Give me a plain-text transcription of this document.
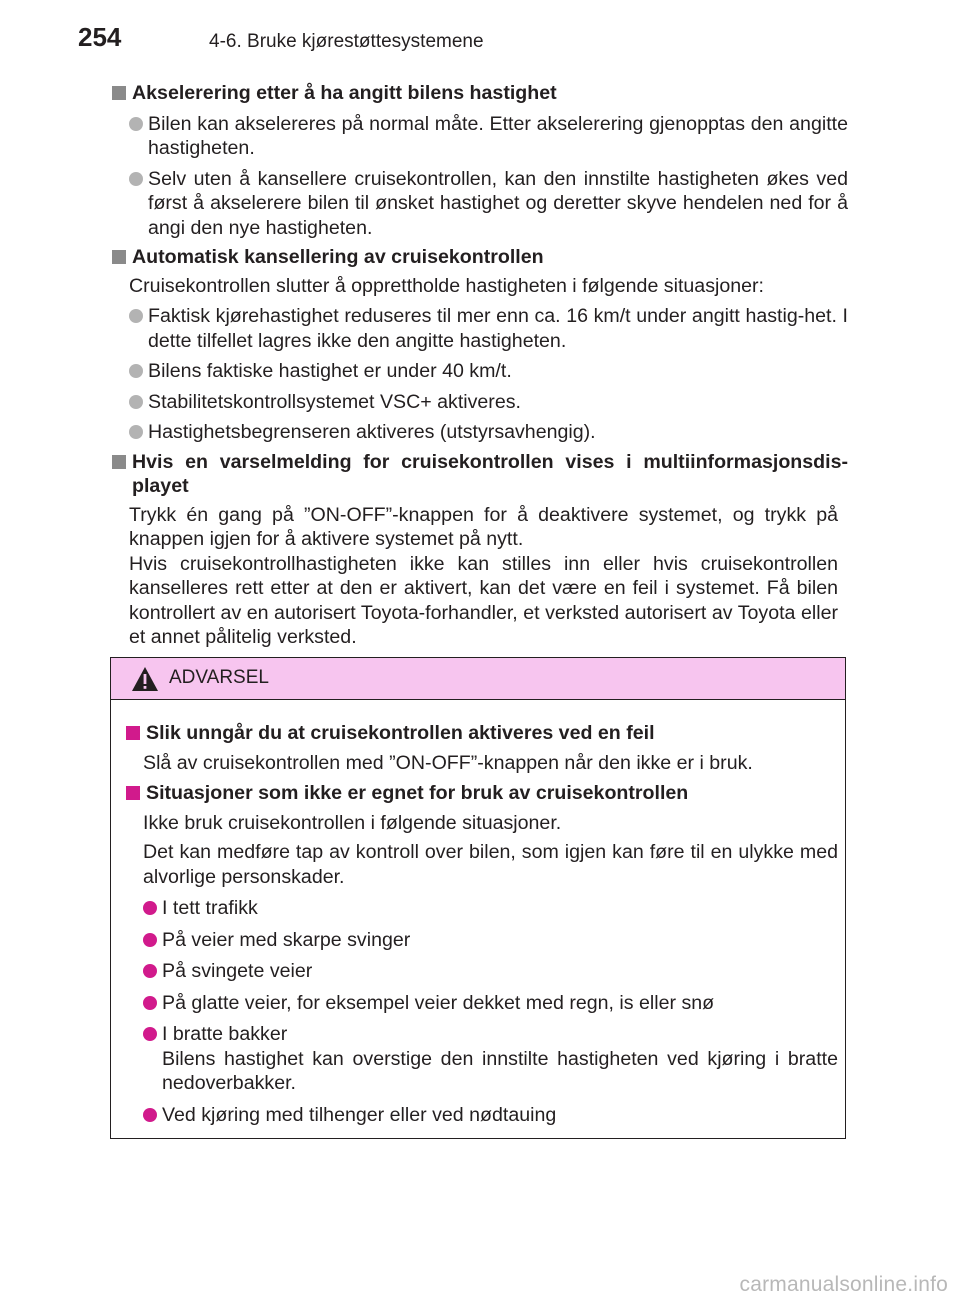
254	4-6. Bruke kjørestøttesystemene
Akselerering etter å ha angitt bilens hastighet
Bilen kan akselereres på normal måte. Etter akselerering gjenopptas den angitte hastigheten.
Selv uten å kansellere cruisekontrollen, kan den innstilte hastigheten økes ved først å akselerere bilen til ønsket hastighet og deretter skyve hendelen ned for å angi den nye hastigheten.
Automatisk kansellering av cruisekontrollen
Cruisekontrollen slutter å opprettholde hastigheten i følgende situasjoner:
Faktisk kjørehastighet reduseres til mer enn ca. 16 km/t under angitt hastig-het. I dette tilfellet lagres ikke den angitte hastigheten.
Bilens faktiske hastighet er under 40 km/t.
Stabilitetskontrollsystemet VSC+ aktiveres.
Hastighetsbegrenseren aktiveres (utstyrsavhengig).
Hvis en varselmelding for cruisekontrollen vises i multiinformasjonsdis-playet
Trykk én gang på ”ON-OFF”-knappen for å deaktivere systemet, og trykk på knappen igjen for å aktivere systemet på nytt.
Hvis cruisekontrollhastigheten ikke kan stilles inn eller hvis cruisekontrollen kanselleres rett etter at den er aktivert, kan det være en feil i systemet. Få bilen kontrollert av en autorisert Toyota-forhandler, et verksted autorisert av Toyota eller et annet pålitelig verksted.
ADVARSEL
Slik unngår du at cruisekontrollen aktiveres ved en feil
Slå av cruisekontrollen med ”ON-OFF”-knappen når den ikke er i bruk.
Situasjoner som ikke er egnet for bruk av cruisekontrollen
Ikke bruk cruisekontrollen i følgende situasjoner.
Det kan medføre tap av kontroll over bilen, som igjen kan føre til en ulykke med alvorlige personskader.
I tett trafikk
På veier med skarpe svinger
På svingete veier
På glatte veier, for eksempel veier dekket med regn, is eller snø
I bratte bakker
Bilens hastighet kan overstige den innstilte hastigheten ved kjøring i bratte nedoverbakker.
Ved kjøring med tilhenger eller ved nødtauing
carmanualsonline.info
